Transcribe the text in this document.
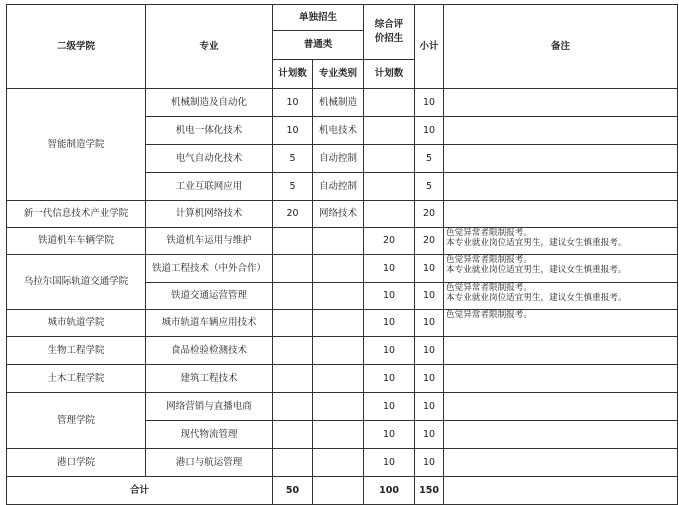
二级学院	专业	单独招生		综合评价招生	小计	备注
		普通类				
		计划数	专业类别	计划数		
智能制造学院	机械制造及自动化	10	机械制造		10	
	机电一体化技术	10	机电技术		10	
	电气自动化技术	5	自动控制		5	
	工业互联网应用	5	自动控制		5	
新一代信息技术产业学院	计算机网络技术	20	网络技术		20	
铁道机车车辆学院	铁道机车运用与维护			20	20	色觉异常者限制报考。
本专业就业岗位适宜男生，建议女生慎重报考。

乌拉尔国际轨道交通学院	铁道工程技术（中外合作）			10	10	色觉异常者限制报考。
本专业就业岗位适宜男生，建议女生慎重报考。

	铁道交通运营管理			10	10	色觉异常者限制报考。
本专业就业岗位适宜男生，建议女生慎重报考。

城市轨道学院	城市轨道车辆应用技术			10	10	色觉异常者限制报考。

生物工程学院	食品检验检测技术			10	10	
土木工程学院	建筑工程技术			10	10	
管理学院	网络营销与直播电商			10	10	
	现代物流管理			10	10	
港口学院	港口与航运管理			10	10	
合计		50		100	150	
